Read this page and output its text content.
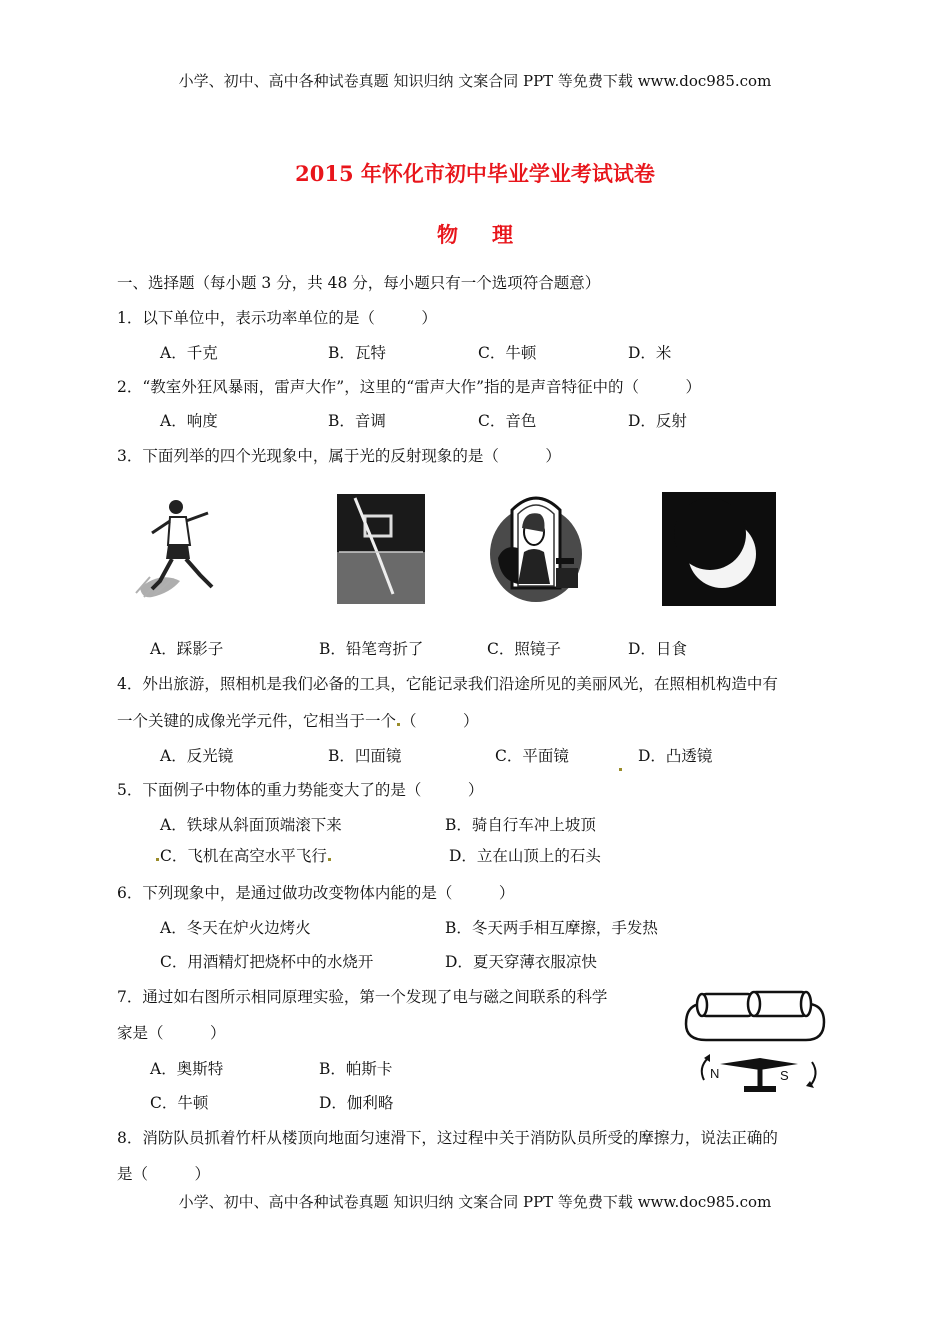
小学、初中、高中各种试卷真题 知识归纳 文案合同 PPT 等免费下载 www.doc985.com
2015 年怀化市初中毕业学业考试试卷
物理
一、选择题（每小题 3 分，共 48 分，每小题只有一个选项符合题意）
1．以下单位中，表示功率单位的是（　　　）
A．千克	B．瓦特	C．牛顿	D．米
2．“教室外狂风暴雨，雷声大作”，这里的“雷声大作”指的是声音特征中的（　　　）
A．响度	B．音调	C．音色	D．反射
3．下面列举的四个光现象中，属于光的反射现象的是（　　　）
A．踩影子	B．铅笔弯折了	C．照镜子	D．日食
4．外出旅游，照相机是我们必备的工具，它能记录我们沿途所见的美丽风光，在照相机构造中有
一个关键的成像光学元件，它相当于一个 （　　　）
A．反光镜	B．凹面镜	C．平面镜	D．凸透镜
5．下面例子中物体的重力势能变大了的是（　　　）
A．铁球从斜面顶端滚下来	B．骑自行车冲上坡顶
C．飞机在高空水平飞行	D．立在山顶上的石头
6．下列现象中，是通过做功改变物体内能的是（　　　）
A．冬天在炉火边烤火	B．冬天两手相互摩擦，手发热
C．用酒精灯把烧杯中的水烧开	D．夏天穿薄衣服凉快
7．通过如右图所示相同原理实验，第一个发现了电与磁之间联系的科学
家是（　　　）
A．奥斯特	B．帕斯卡
C．牛顿	D．伽利略
N	S
8．消防队员抓着竹杆从楼顶向地面匀速滑下，这过程中关于消防队员所受的摩擦力，说法正确的
是（　　　）
小学、初中、高中各种试卷真题 知识归纳 文案合同 PPT 等免费下载 www.doc985.com
